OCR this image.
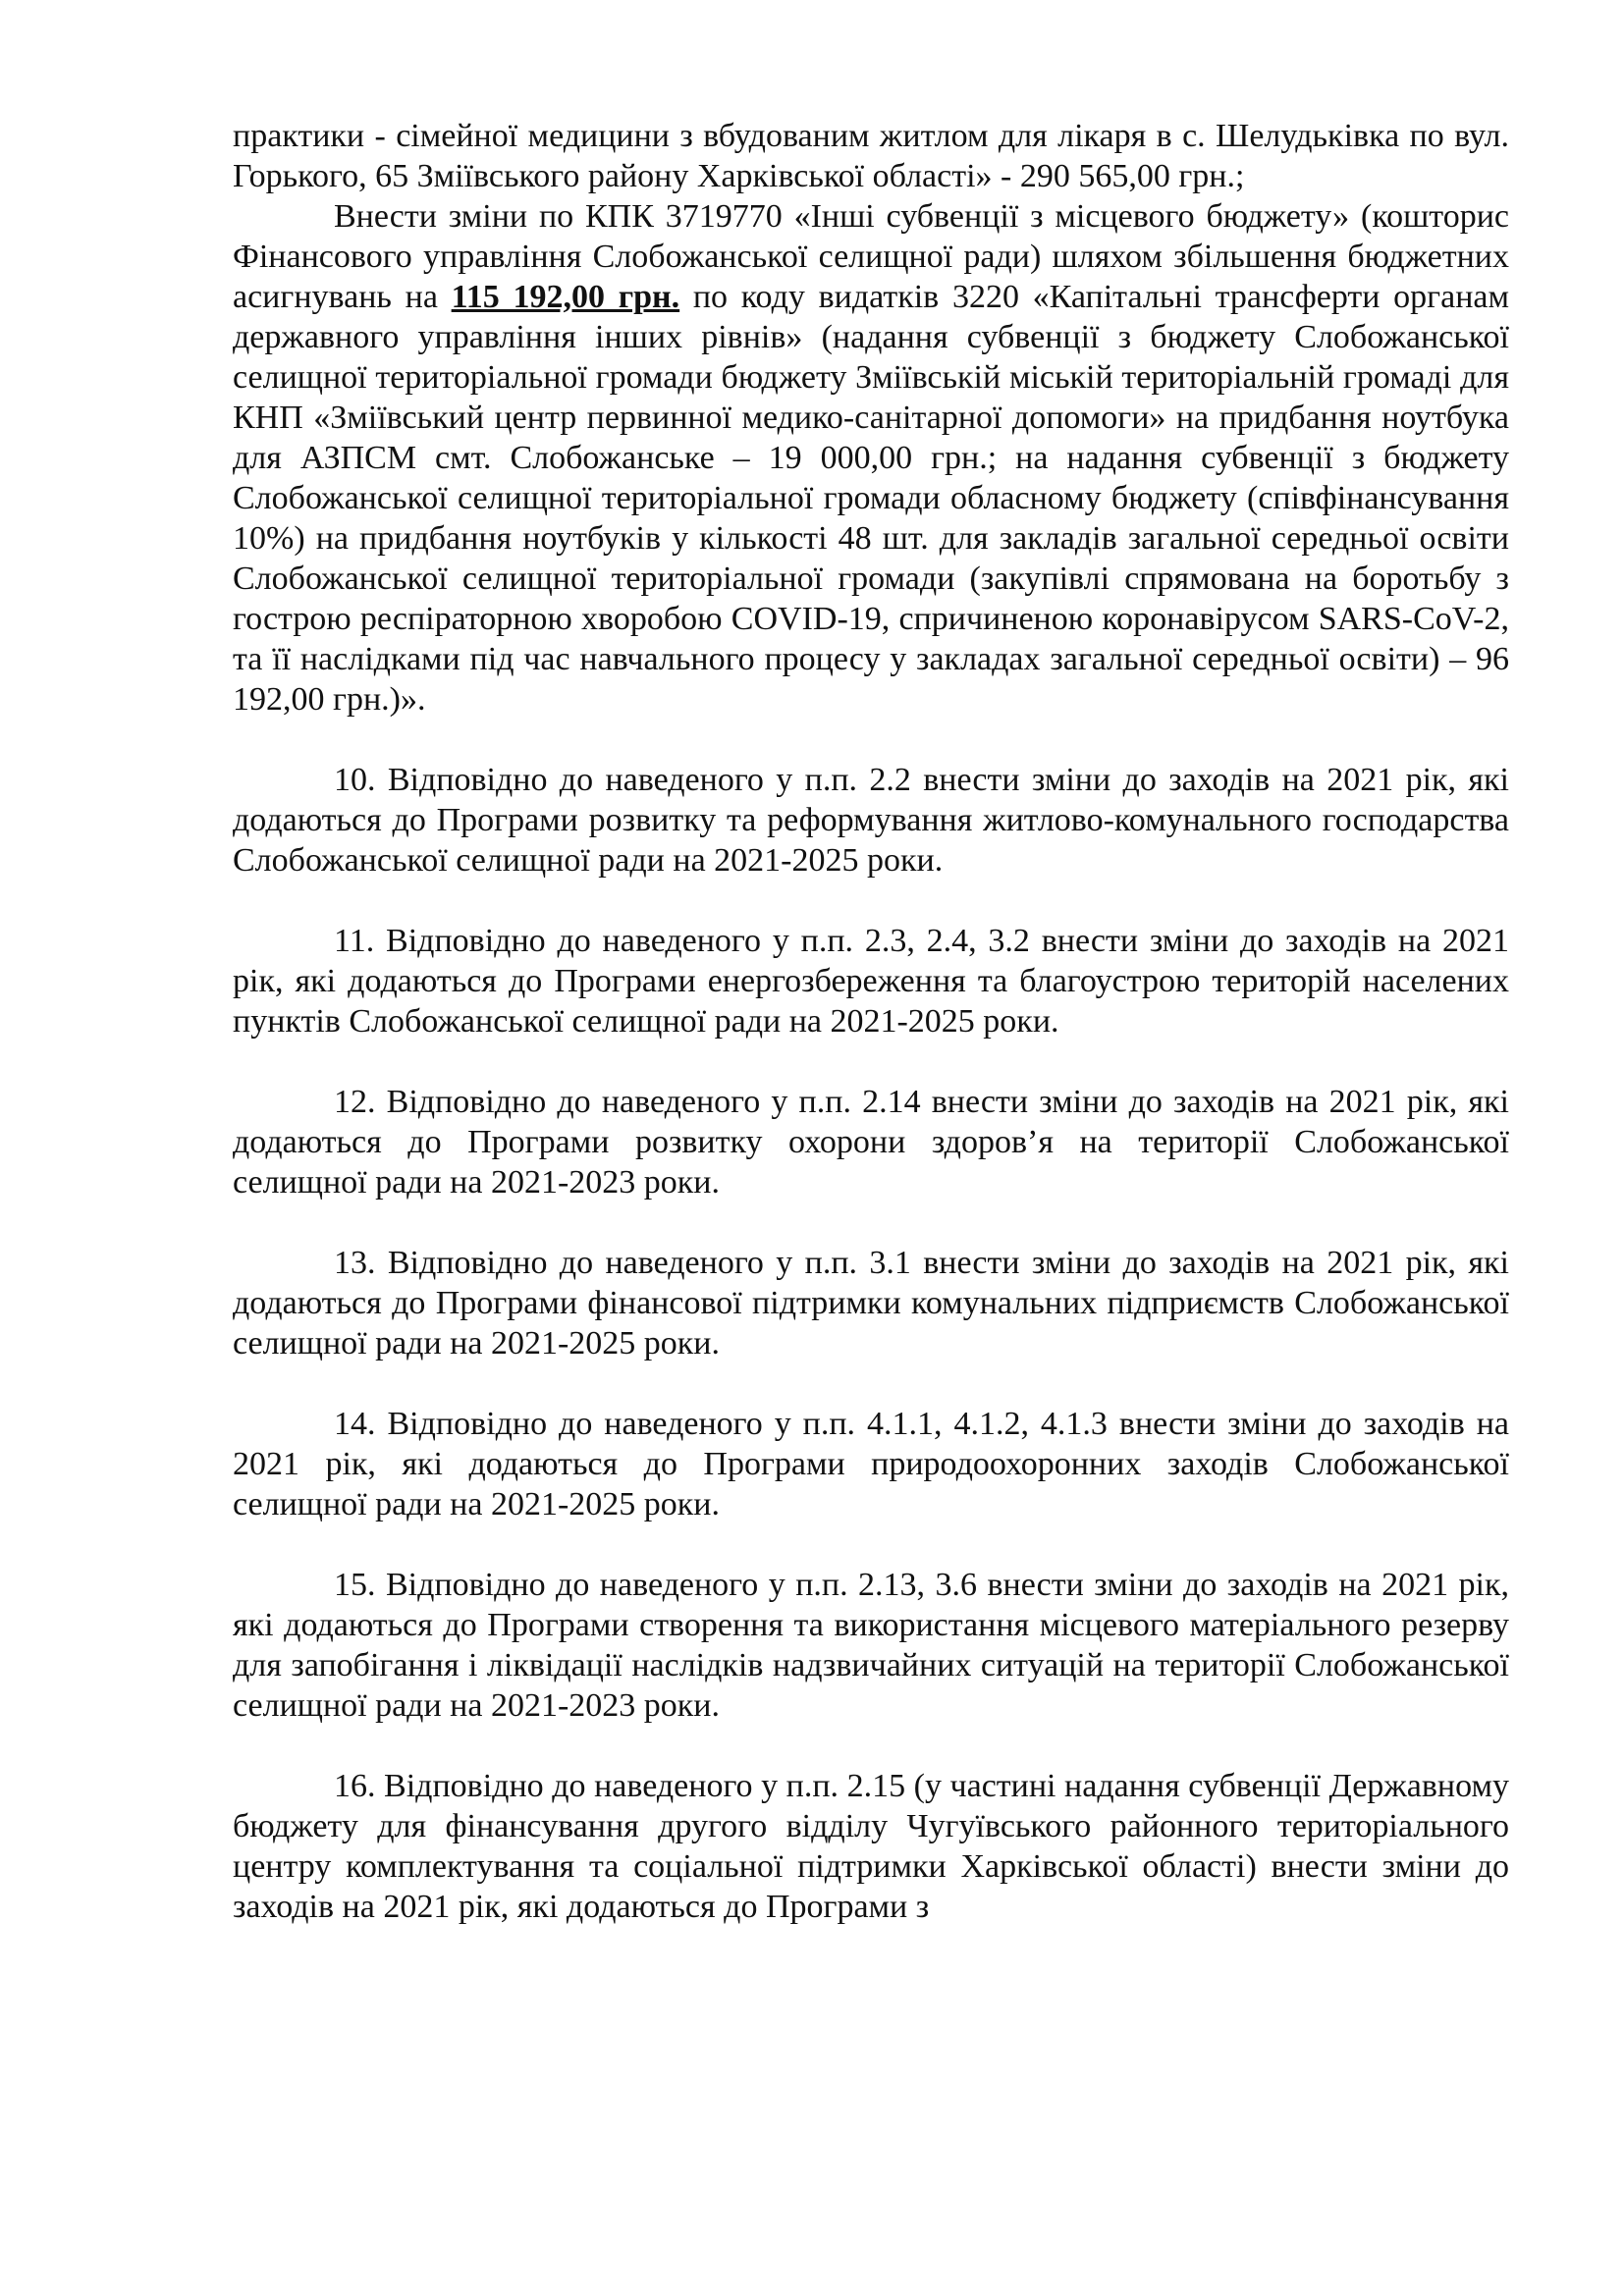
практики - сімейної медицини з вбудованим житлом для лікаря в с. Шелудьківка по вул. Горького, 65 Зміївського району Харківської області» - 290 565,00 грн.;

Внести зміни по КПК 3719770 «Інші субвенції з місцевого бюджету» (кошторис Фінансового управління Слобожанської селищної ради) шляхом збільшення бюджетних асигнувань на 115 192,00 грн. по коду видатків 3220 «Капітальні трансферти органам державного управління інших рівнів» (надання субвенції з бюджету Слобожанської селищної територіальної громади бюджету Зміївській міській територіальній громаді для КНП «Зміївський центр первинної медико-санітарної допомоги» на придбання ноутбука для АЗПСМ смт. Слобожанське – 19 000,00 грн.; на надання субвенції з бюджету Слобожанської селищної територіальної громади обласному бюджету (співфінансування 10%) на придбання ноутбуків у кількості 48 шт. для закладів загальної середньої освіти Слобожанської селищної територіальної громади (закупівлі спрямована на боротьбу з гострою респіраторною хворобою COVID-19, спричиненою коронавірусом SARS-CoV-2, та її наслідками під час навчального процесу у закладах загальної середньої освіти) – 96 192,00 грн.)».

10. Відповідно до наведеного у п.п. 2.2 внести зміни до заходів на 2021 рік, які додаються до Програми розвитку та реформування житлово-комунального господарства Слобожанської селищної ради на 2021-2025 роки.

11. Відповідно до наведеного у п.п. 2.3, 2.4, 3.2 внести зміни до заходів на 2021 рік, які додаються до Програми енергозбереження та благоустрою територій населених пунктів Слобожанської селищної ради на 2021-2025 роки.

12. Відповідно до наведеного у п.п. 2.14 внести зміни до заходів на 2021 рік, які додаються до Програми розвитку охорони здоров’я на території Слобожанської селищної ради на 2021-2023 роки.

13. Відповідно до наведеного у п.п. 3.1 внести зміни до заходів на 2021 рік, які додаються до Програми фінансової підтримки комунальних підприємств Слобожанської селищної ради на 2021-2025 роки.

14. Відповідно до наведеного у п.п. 4.1.1, 4.1.2, 4.1.3 внести зміни до заходів на 2021 рік, які додаються до Програми природоохоронних заходів Слобожанської селищної ради на 2021-2025 роки.

15. Відповідно до наведеного у п.п. 2.13, 3.6 внести зміни до заходів на 2021 рік, які додаються до Програми створення та використання місцевого матеріального резерву для запобігання і ліквідації наслідків надзвичайних ситуацій на території Слобожанської селищної ради на 2021-2023 роки.

16. Відповідно до наведеного у п.п. 2.15 (у частині надання субвенції Державному бюджету для фінансування другого відділу Чугуївського районного територіального центру комплектування та соціальної підтримки Харківської області) внести зміни до заходів на 2021 рік, які додаються до Програми з
